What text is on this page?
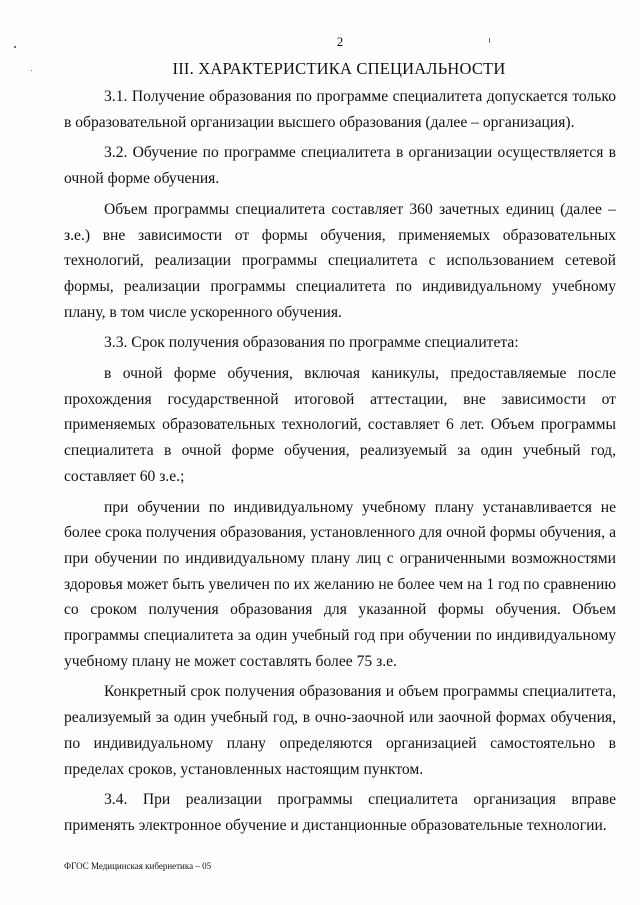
2
III. ХАРАКТЕРИСТИКА СПЕЦИАЛЬНОСТИ

3.1. Получение образования по программе специалитета допускается только в образовательной организации высшего образования (далее – организация).

3.2. Обучение по программе специалитета в организации осуществляется в очной форме обучения.

Объем программы специалитета составляет 360 зачетных единиц (далее – з.е.) вне зависимости от формы обучения, применяемых образовательных технологий, реализации программы специалитета с использованием сетевой формы, реализации программы специалитета по индивидуальному учебному плану, в том числе ускоренного обучения.

3.3. Срок получения образования по программе специалитета:

в очной форме обучения, включая каникулы, предоставляемые после прохождения государственной итоговой аттестации, вне зависимости от применяемых образовательных технологий, составляет 6 лет. Объем программы специалитета в очной форме обучения, реализуемый за один учебный год, составляет 60 з.е.;

при обучении по индивидуальному учебному плану устанавливается не более срока получения образования, установленного для очной формы обучения, а при обучении по индивидуальному плану лиц с ограниченными возможностями здоровья может быть увеличен по их желанию не более чем на 1 год по сравнению со сроком получения образования для указанной формы обучения. Объем программы специалитета за один учебный год при обучении по индивидуальному учебному плану не может составлять более 75 з.е.

Конкретный срок получения образования и объем программы специалитета, реализуемый за один учебный год, в очно-заочной или заочной формах обучения, по индивидуальному плану определяются организацией самостоятельно в пределах сроков, установленных настоящим пунктом.

3.4. При реализации программы специалитета организация вправе применять электронное обучение и дистанционные образовательные технологии.

ФГОС Медицинская кибернетика – 05
